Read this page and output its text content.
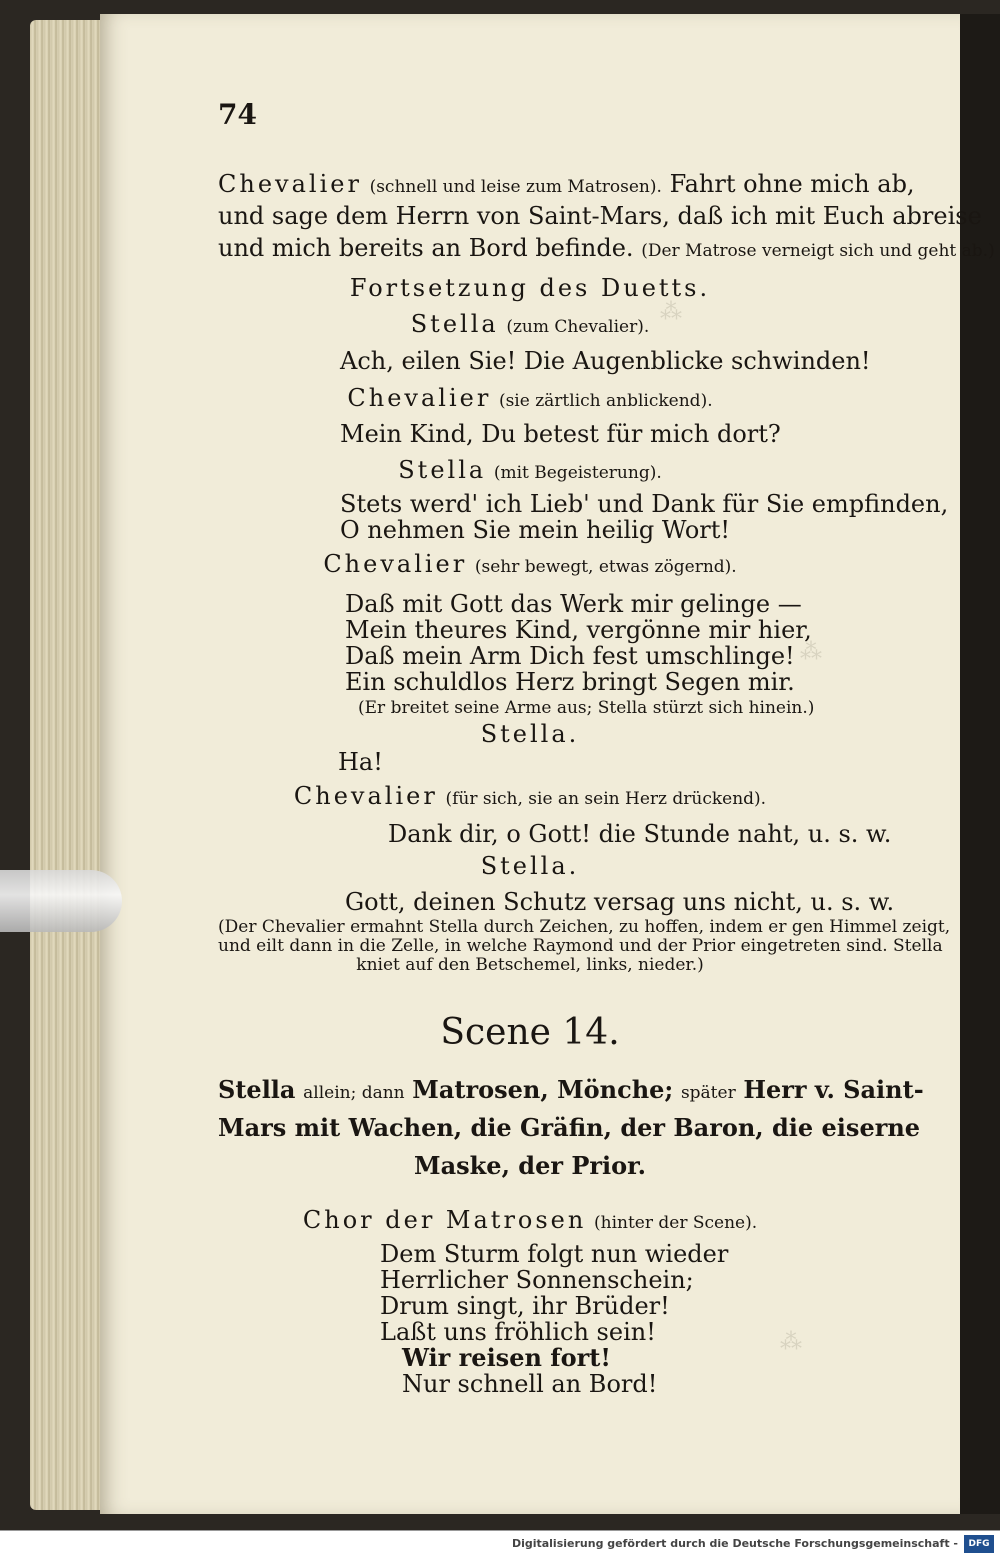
⁂
⁂
⁂
74
Chevalier (schnell und leise zum Matrosen). Fahrt ohne mich ab,
und sage dem Herrn von Saint-Mars, daß ich mit Euch abreise
und mich bereits an Bord befinde. (Der Matrose verneigt sich und geht ab.)
Fortsetzung des Duetts.
Stella (zum Chevalier).
Ach, eilen Sie! Die Augenblicke schwinden!
Chevalier (sie zärtlich anblickend).
Mein Kind, Du betest für mich dort?
Stella (mit Begeisterung).
Stets werd' ich Lieb' und Dank für Sie empfinden,
O nehmen Sie mein heilig Wort!
Chevalier (sehr bewegt, etwas zögernd).
Daß mit Gott das Werk mir gelinge —
Mein theures Kind, vergönne mir hier,
Daß mein Arm Dich fest umschlinge!
Ein schuldlos Herz bringt Segen mir.
(Er breitet seine Arme aus; Stella stürzt sich hinein.)
Stella.
Ha!
Chevalier (für sich, sie an sein Herz drückend).
Dank dir, o Gott! die Stunde naht, u. s. w.
Stella.
Gott, deinen Schutz versag uns nicht, u. s. w.
(Der Chevalier ermahnt Stella durch Zeichen, zu hoffen, indem er gen Himmel zeigt,
und eilt dann in die Zelle, in welche Raymond und der Prior eingetreten sind. Stella
kniet auf den Betschemel, links, nieder.)
Scene 14.
Stella allein; dann Matrosen, Mönche; später Herr v. Saint-
Mars mit Wachen, die Gräfin, der Baron, die eiserne
Maske, der Prior.
Chor der Matrosen (hinter der Scene).
Dem Sturm folgt nun wieder
Herrlicher Sonnenschein;
Drum singt, ihr Brüder!
Laßt uns fröhlich sein!
Wir reisen fort!
Nur schnell an Bord!
Digitalisierung gefördert durch die Deutsche Forschungsgemeinschaft -	DFG
